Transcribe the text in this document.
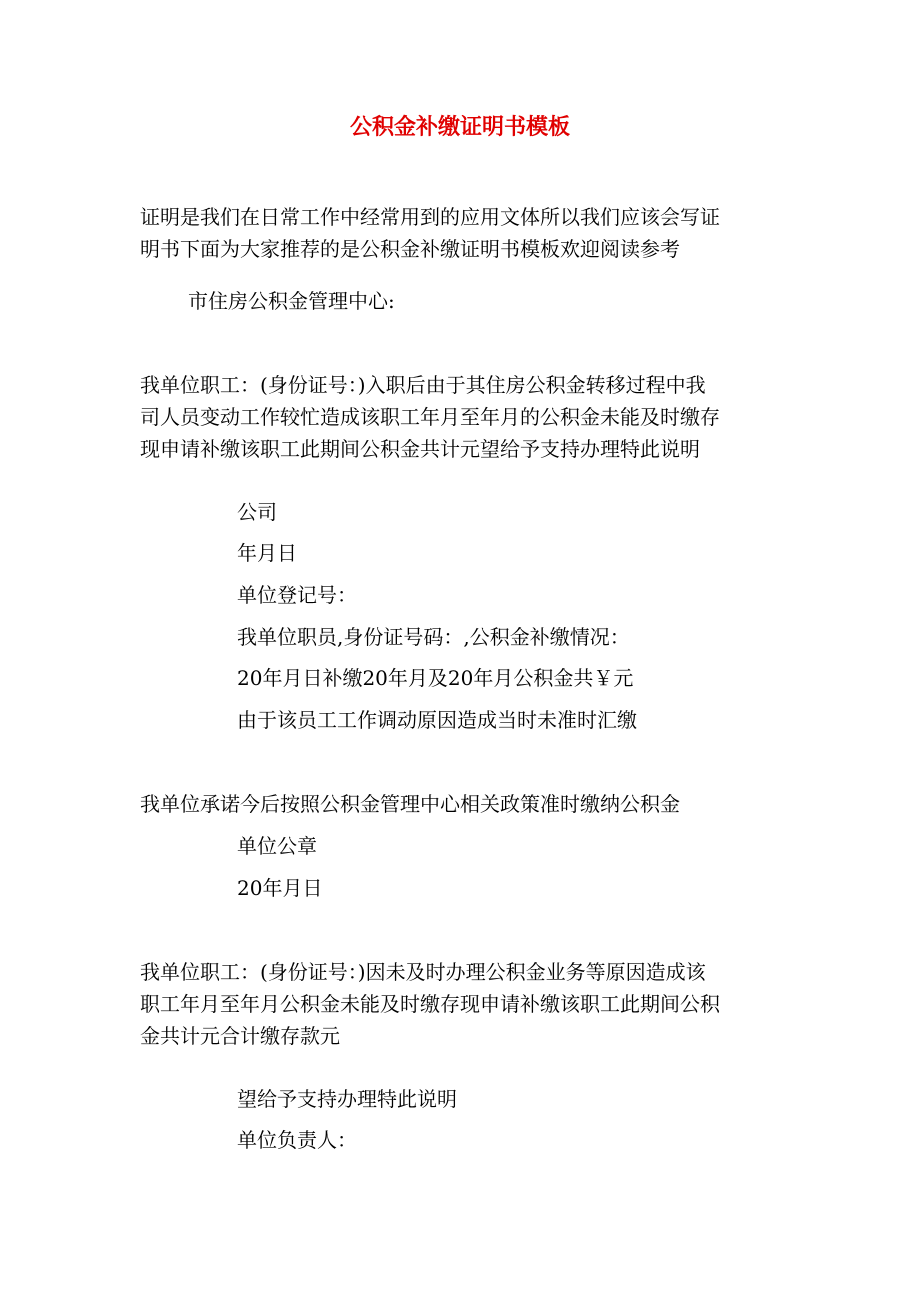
公积金补缴证明书模板
证明是我们在日常工作中经常用到的应用文体所以我们应该会写证
明书下面为大家推荐的是公积金补缴证明书模板欢迎阅读参考
市住房公积金管理中心:
我单位职工：(身份证号：)入职后由于其住房公积金转移过程中我
司人员变动工作较忙造成该职工年月至年月的公积金未能及时缴存
现申请补缴该职工此期间公积金共计元望给予支持办理特此说明
公司
年月日
单位登记号：
我单位职员,身份证号码：,公积金补缴情况：
20年月日补缴20年月及20年月公积金共￥元
由于该员工工作调动原因造成当时未准时汇缴
我单位承诺今后按照公积金管理中心相关政策准时缴纳公积金
单位公章
20年月日
我单位职工：(身份证号：)因未及时办理公积金业务等原因造成该
职工年月至年月公积金未能及时缴存现申请补缴该职工此期间公积
金共计元合计缴存款元
望给予支持办理特此说明
单位负责人：
